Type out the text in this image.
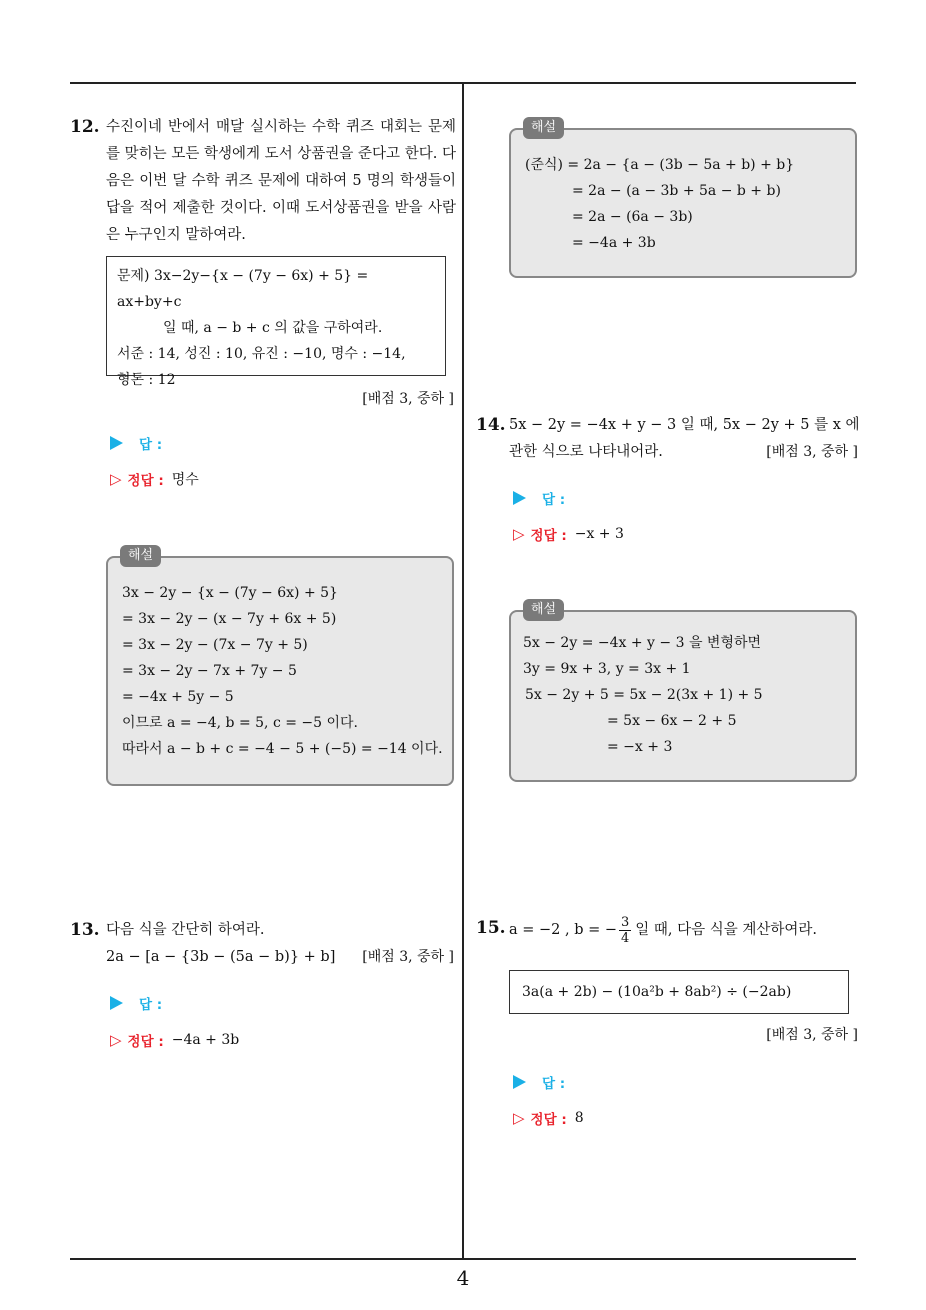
4
12. 수진이네 반에서 매달 실시하는 수학 퀴즈 대회는 문제를 맞히는 모든 학생에게 도서 상품권을 준다고 한다. 다음은 이번 달 수학 퀴즈 문제에 대하여 5 명의 학생들이 답을 적어 제출한 것이다. 이때 도서상품권을 받을 사람은 누구인지 말하여라.
문제) 3x−2y−{x − (7y − 6x) + 5} = ax+by+c
일 때, a − b + c 의 값을 구하여라.
서준 : 14, 성진 : 10, 유진 : −10, 명수 : −14,
형돈 : 12
[배점 3, 중하 ]
답 :
▷ 정답 : 명수
해설
3x − 2y − {x − (7y − 6x) + 5}
= 3x − 2y − (x − 7y + 6x + 5)
= 3x − 2y − (7x − 7y + 5)
= 3x − 2y − 7x + 7y − 5
= −4x + 5y − 5
이므로 a = −4, b = 5, c = −5 이다.
따라서 a − b + c = −4 − 5 + (−5) = −14 이다.
13. 다음 식을 간단히 하여라.
2a − [a − {3b − (5a − b)} + b]	[배점 3, 중하 ]
답 :
▷ 정답 : −4a + 3b
해설
(준식) = 2a − {a − (3b − 5a + b) + b}
= 2a − (a − 3b + 5a − b + b)
= 2a − (6a − 3b)
= −4a + 3b
14. 5x − 2y = −4x + y − 3 일 때, 5x − 2y + 5 를 x 에
관한 식으로 나타내어라.	[배점 3, 중하 ]
답 :
▷ 정답 : −x + 3
해설
5x − 2y = −4x + y − 3 을 변형하면
3y = 9x + 3, y = 3x + 1
5x − 2y + 5 = 5x − 2(3x + 1) + 5
= 5x − 6x − 2 + 5
= −x + 3
15. a = −2 , b = − $\frac{3}{4}$ 일 때, 다음 식을 계산하여라.
3a(a + 2b) − (10a²b + 8ab²) ÷ (−2ab)
[배점 3, 중하 ]
답 :
▷ 정답 : 8
